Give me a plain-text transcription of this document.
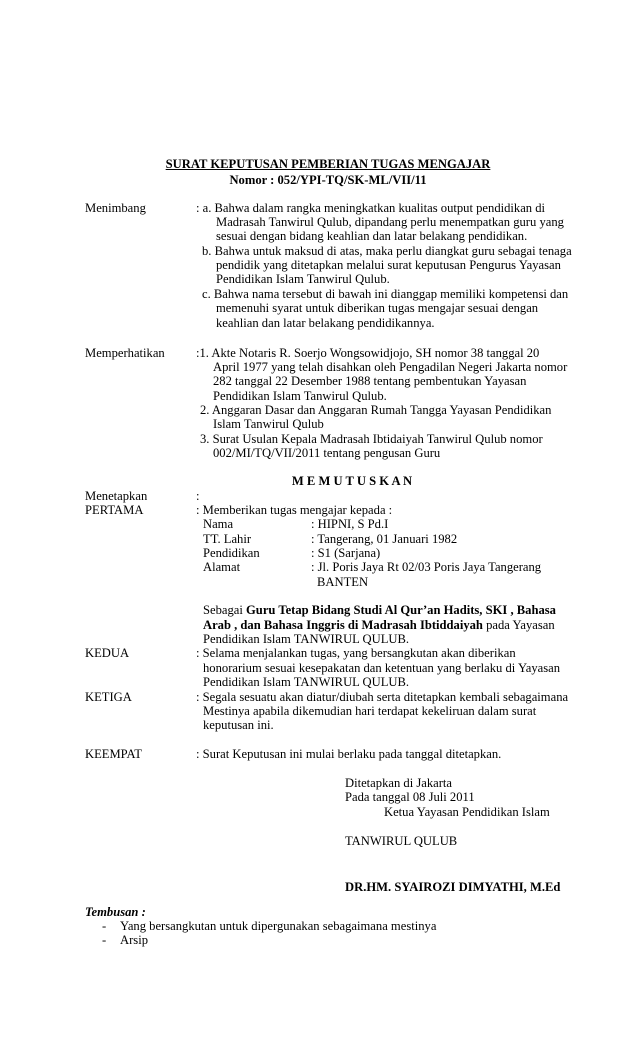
SURAT KEPUTUSAN PEMBERIAN TUGAS MENGAJAR
Nomor : 052/YPI-TQ/SK-ML/VII/11
Menimbang	: a. Bahwa dalam rangka meningkatkan kualitas output pendidikan di
Madrasah Tanwirul Qulub, dipandang perlu menempatkan guru yang
sesuai dengan bidang keahlian dan latar belakang pendidikan.
b. Bahwa untuk maksud di atas, maka perlu diangkat guru sebagai tenaga
pendidik yang ditetapkan melalui surat keputusan Pengurus Yayasan
Pendidikan Islam Tanwirul Qulub.
c. Bahwa nama tersebut di bawah ini dianggap memiliki kompetensi dan
memenuhi syarat untuk diberikan tugas mengajar sesuai dengan
keahlian dan latar belakang pendidikannya.
Memperhatikan :1. Akte Notaris R. Soerjo Wongsowidjojo, SH nomor 38 tanggal 20
April 1977 yang telah disahkan oleh Pengadilan Negeri Jakarta nomor
282 tanggal 22 Desember 1988 tentang pembentukan Yayasan
Pendidikan Islam Tanwirul Qulub.
2. Anggaran Dasar dan Anggaran Rumah Tangga Yayasan Pendidikan
Islam Tanwirul Qulub
3. Surat Usulan Kepala Madrasah Ibtidaiyah Tanwirul Qulub nomor
002/MI/TQ/VII/2011 tentang pengusan Guru
M E M U T U S K A N
Menetapkan	:
PERTAMA	: Memberikan tugas mengajar kepada :
Nama	: HIPNI, S Pd.I
TT. Lahir	: Tangerang, 01 Januari 1982
Pendidikan	: S1 (Sarjana)
Alamat	: Jl. Poris Jaya Rt 02/03 Poris Jaya Tangerang
BANTEN
Sebagai Guru Tetap Bidang Studi Al Qur’an Hadits, SKI , Bahasa
Arab , dan Bahasa Inggris di Madrasah Ibtiddaiyah pada Yayasan
Pendidikan Islam TANWIRUL QULUB.
KEDUA	: Selama menjalankan tugas, yang bersangkutan akan diberikan
honorarium sesuai kesepakatan dan ketentuan yang berlaku di Yayasan
Pendidikan Islam TANWIRUL QULUB.
KETIGA	: Segala sesuatu akan diatur/diubah serta ditetapkan kembali sebagaimana
Mestinya apabila dikemudian hari terdapat kekeliruan dalam surat
keputusan ini.
KEEMPAT	: Surat Keputusan ini mulai berlaku pada tanggal ditetapkan.
Ditetapkan di Jakarta
Pada tanggal 08 Juli 2011
Ketua Yayasan Pendidikan Islam
TANWIRUL QULUB
DR.HM. SYAIROZI DIMYATHI, M.Ed
Tembusan :
- Yang bersangkutan untuk dipergunakan sebagaimana mestinya
- Arsip
